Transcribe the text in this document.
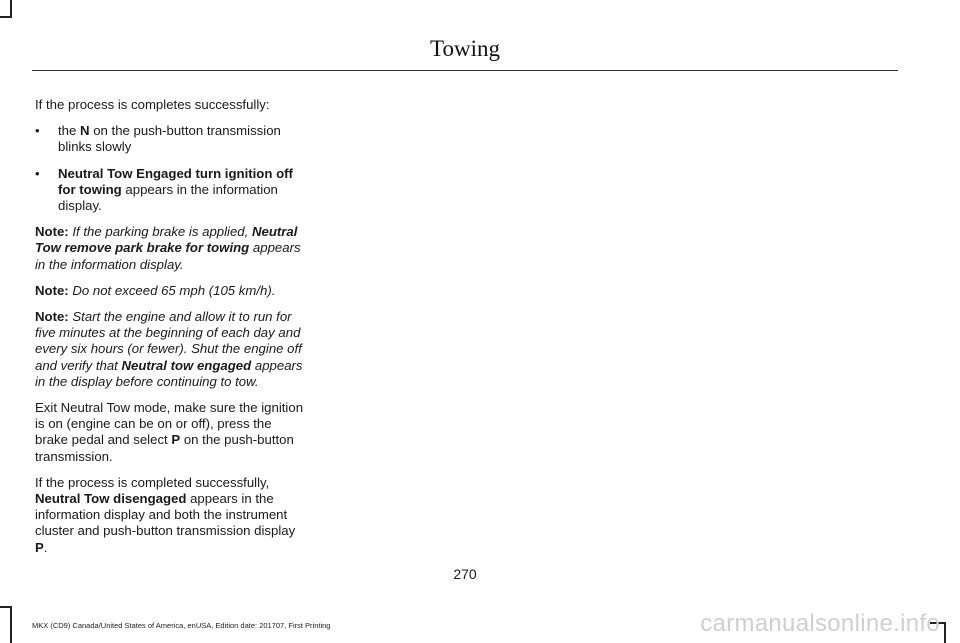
Towing

If the process is completes successfully:

• the N on the push-button transmission blinks slowly
• Neutral Tow Engaged turn ignition off for towing appears in the information display.

Note: If the parking brake is applied, Neutral Tow remove park brake for towing appears in the information display.

Note: Do not exceed 65 mph (105 km/h).

Note: Start the engine and allow it to run for five minutes at the beginning of each day and every six hours (or fewer). Shut the engine off and verify that Neutral tow engaged appears in the display before continuing to tow.

Exit Neutral Tow mode, make sure the ignition is on (engine can be on or off), press the brake pedal and select P on the push-button transmission.

If the process is completed successfully, Neutral Tow disengaged appears in the information display and both the instrument cluster and push-button transmission display P.

270
MKX (CD9) Canada/United States of America, enUSA, Edition date: 201707, First Printing	carmanualsonline.info
